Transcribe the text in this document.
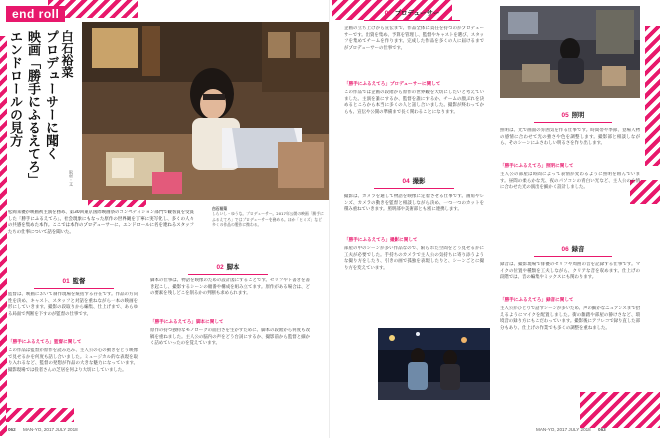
end roll
白石裕菜
プロデューサーに聞く
映画「勝手にふるえてろ」
エンドロールの見方
取材・文
松岡茉優が映画初主演を務め、第30回東京国際映画祭のコンペティション部門で観客賞を受賞した「勝手にふるえてろ」。社会現象にもなった原作の世界観を丁寧に実写化し、多くの人々の共感を集めた本作。ここでは本作のプロデューサーに、エンドロールに名を連ねるスタッフたちの仕事について話を聞いた。
白石裕菜
しらいし・ゆうな。プロデューサー。2017年公開の映画「勝手にふるえてろ」ではプロデューサーを務める。ほか「ヒミズ」など多くの作品の製作に携わる。
01 監督
監督は、映画において制作現場を統括する存在です。作品の方向性を決め、キャスト、スタッフと対話を重ねながら一本の映画を形にしていきます。撮影の段取りから編集、仕上げまで、あらゆる局面で判断を下すのが監督の仕事です。
「勝手にふるえてろ」監督に関して
この作品は監督が原作を読み込み、主人公の心の動きをどう映像で見せるかを何度も話し合いました。ミュージカル的な表現を取り入れるなど、監督の発想が作品の大きな魅力になっています。撮影現場では役者さんの芝居を何より大切にしていました。
02 脚本
脚本の仕事は、物語を映像のための設計図にすることです。セリフやト書きを書き起こし、撮影するシーンの順番や構成を組み立てます。原作がある場合は、どの要素を残しどこを削るかの判断も求められます。
「勝手にふるえてろ」脚本に関して
原作の持つ独特なモノローグの面白さを生かすために、脚本の段階から何度も改稿を重ねました。主人公の脳内の声をどう台詞にするか、撮影前から監督と細かく詰めていったのを覚えています。
062 MAN-YO, 2017 JULY 2018
03 プロデューサー
企画の立ち上げから宣伝まで、作品全体に責任を持つのがプロデューサーです。出資を集め、予算を管理し、監督やキャストを選び、スタッフを集めてチームを作ります。完成した作品を多くの人に届けるまでがプロデューサーの仕事です。
「勝手にふるえてろ」プロデューサーに関して
この作品では企画の段階から原作の世界観を大切にしたいと考えていました。主演を誰にするか、監督を誰にするか、チームの顔ぶれを決めるところから本当に多くの人と話し合いました。撮影が終わってからも、宣伝や公開の準備まで長く関わることになります。
04 撮影
撮影は、カメラを通して物語を映像に定着させる仕事です。画角やレンズ、カメラの動きを監督と相談しながら決め、一つ一つのカットを積み重ねていきます。照明部や美術部とも密に連携します。
「勝手にふるえてろ」撮影に関して
部屋の中のシーンが多い作品なので、限られた空間をどう見せるかに工夫が必要でした。手持ちのカメラで主人公の気持ちに寄り添うような撮り方をしたり、引きの画で孤独を表現したりと、シーンごとに撮り方を変えています。
05 照明
照明は、光で画面の雰囲気を作る仕事です。時間帯や季節、登場人物の感情に合わせて光の強さや色を調整します。撮影部と相談しながら、そのシーンにふさわしい明るさを作り出します。
「勝手にふるえてろ」照明に関して
主人公の部屋は時間によって表情が変わるように照明を組んでいます。昼間の柔らかな光、夜のパソコンの青白い光など、主人公の心情に合わせた光の演出を細かく設計しました。
06 録音
録音は、撮影現場で俳優のセリフや周囲の音を記録する仕事です。マイクの位置や種類を工夫しながら、クリアな音を収めます。仕上げの段階では、音の編集やミックスにも関わります。
「勝手にふるえてろ」録音に関して
主人公がひとりで話すシーンが多いため、声の細かなニュアンスまで拾えるようにマイクを配置しました。街の雑踏や部屋の静けさなど、環境音の録り方にもこだわっています。撮影後にアフレコで録り直した部分もあり、仕上げの作業でも多くの調整を重ねました。
MAN-YO, 2017 JULY 2018 063
